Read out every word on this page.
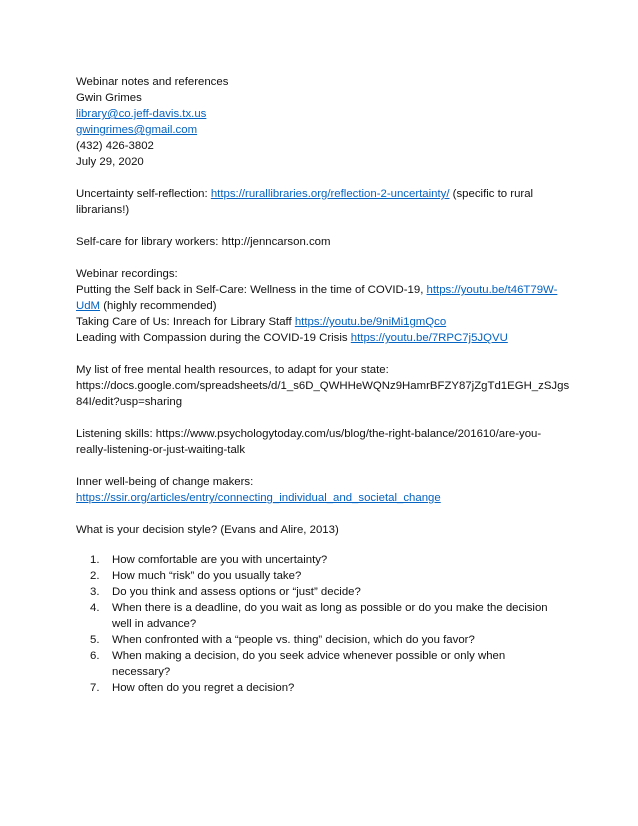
Webinar notes and references
Gwin Grimes
library@co.jeff-davis.tx.us
gwingrimes@gmail.com
(432) 426-3802
July 29, 2020
Uncertainty self-reflection: https://rurallibraries.org/reflection-2-uncertainty/ (specific to rural
librarians!)
Self-care for library workers: http://jenncarson.com
Webinar recordings:
Putting the Self back in Self-Care: Wellness in the time of COVID-19, https://youtu.be/t46T79W-
UdM (highly recommended)
Taking Care of Us: Inreach for Library Staff https://youtu.be/9niMi1gmQco
Leading with Compassion during the COVID-19 Crisis https://youtu.be/7RPC7j5JQVU
My list of free mental health resources, to adapt for your state:
https://docs.google.com/spreadsheets/d/1_s6D_QWHHeWQNz9HamrBFZY87jZgTd1EGH_zSJgs
84I/edit?usp=sharing
Listening skills: https://www.psychologytoday.com/us/blog/the-right-balance/201610/are-you-
really-listening-or-just-waiting-talk
Inner well-being of change makers:
https://ssir.org/articles/entry/connecting_individual_and_societal_change
What is your decision style? (Evans and Alire, 2013)
1. How comfortable are you with uncertainty?
2. How much “risk” do you usually take?
3. Do you think and assess options or “just” decide?
4. When there is a deadline, do you wait as long as possible or do you make the decision
well in advance?
5. When confronted with a “people vs. thing” decision, which do you favor?
6. When making a decision, do you seek advice whenever possible or only when
necessary?
7. How often do you regret a decision?
